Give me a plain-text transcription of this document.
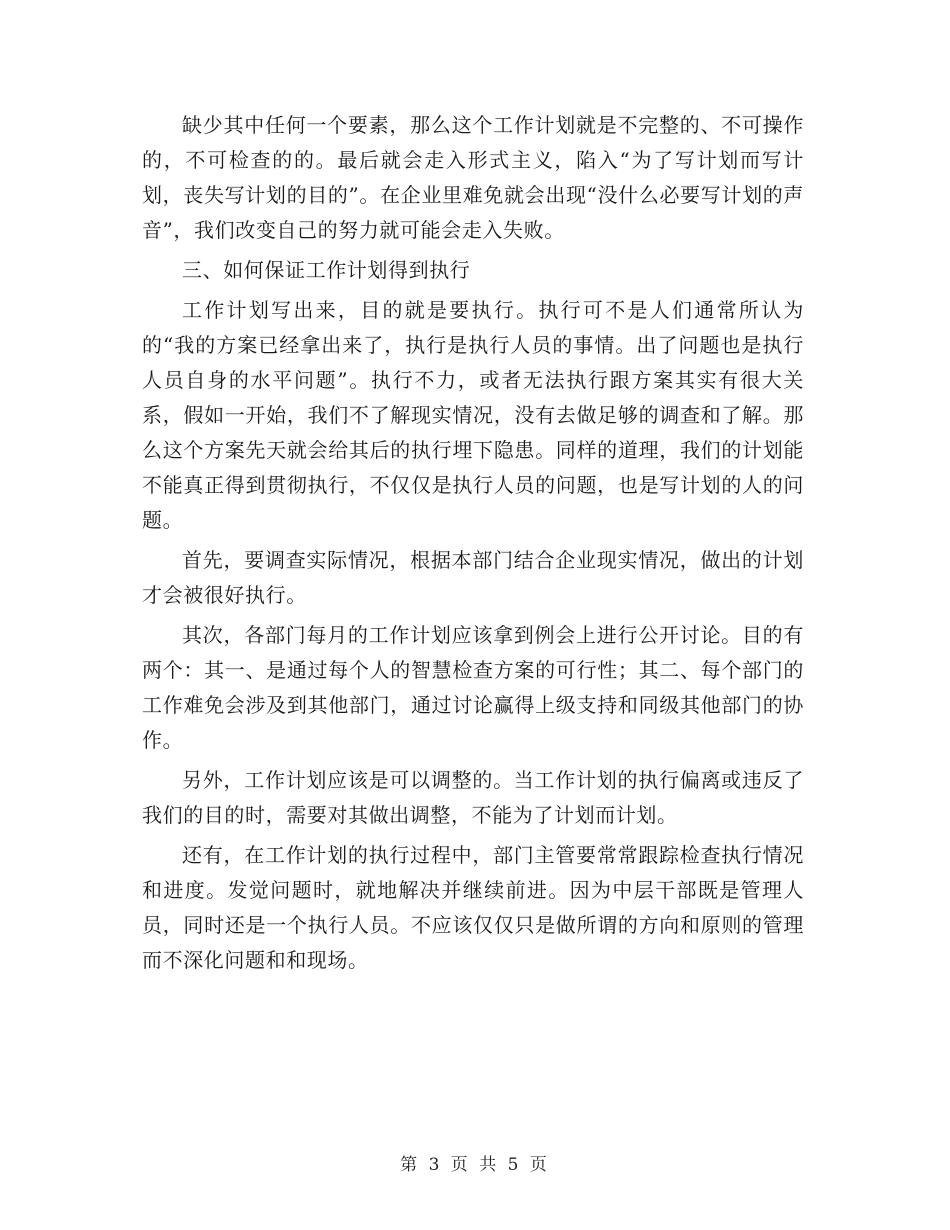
缺少其中任何一个要素，那么这个工作计划就是不完整的、不可操作的，不可检查的的。最后就会走入形式主义，陷入“为了写计划而写计划，丧失写计划的目的”。在企业里难免就会出现“没什么必要写计划的声音”，我们改变自己的努力就可能会走入失败。

三、如何保证工作计划得到执行

工作计划写出来，目的就是要执行。执行可不是人们通常所认为的“我的方案已经拿出来了，执行是执行人员的事情。出了问题也是执行人员自身的水平问题”。执行不力，或者无法执行跟方案其实有很大关系，假如一开始，我们不了解现实情况，没有去做足够的调查和了解。那么这个方案先天就会给其后的执行埋下隐患。同样的道理，我们的计划能不能真正得到贯彻执行，不仅仅是执行人员的问题，也是写计划的人的问题。

首先，要调查实际情况，根据本部门结合企业现实情况，做出的计划才会被很好执行。

其次，各部门每月的工作计划应该拿到例会上进行公开讨论。目的有两个：其一、是通过每个人的智慧检查方案的可行性；其二、每个部门的工作难免会涉及到其他部门，通过讨论赢得上级支持和同级其他部门的协作。

另外，工作计划应该是可以调整的。当工作计划的执行偏离或违反了我们的目的时，需要对其做出调整，不能为了计划而计划。

还有，在工作计划的执行过程中，部门主管要常常跟踪检查执行情况和进度。发觉问题时，就地解决并继续前进。因为中层干部既是管理人员，同时还是一个执行人员。不应该仅仅只是做所谓的方向和原则的管理而不深化问题和和现场。

第 3 页 共 5 页
